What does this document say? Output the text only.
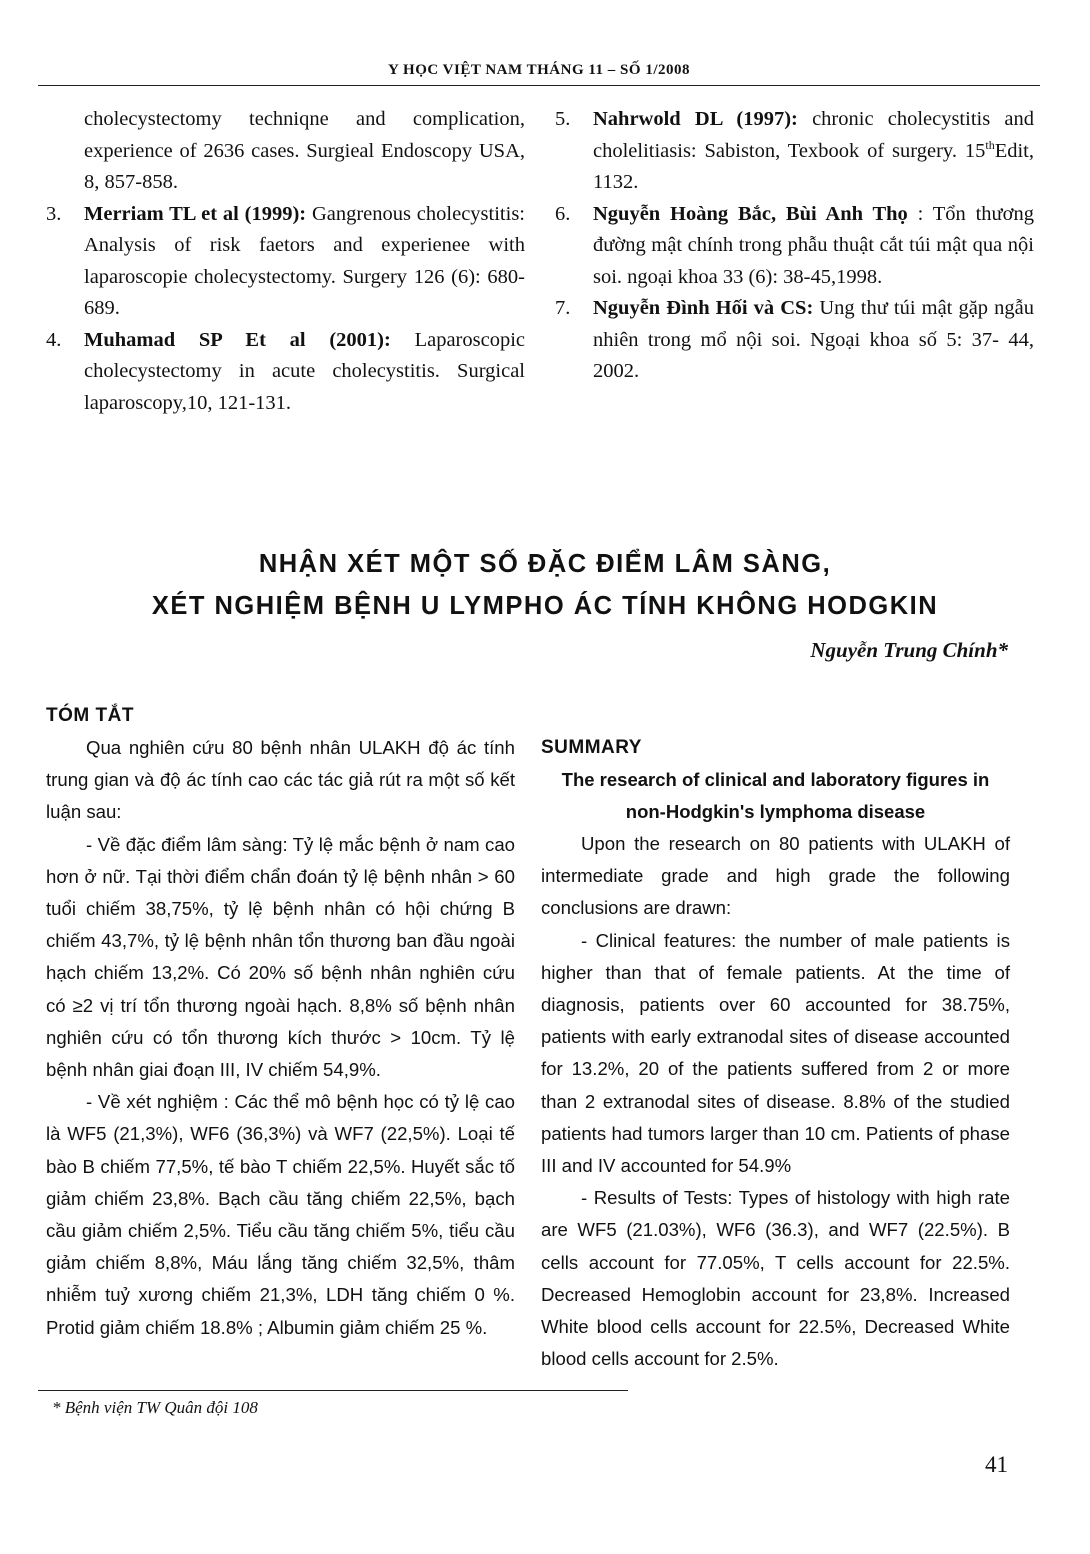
Y HỌC VIỆT NAM THÁNG 11 – SỐ 1/2008
cholecystectomy techniqne and complication, experience of 2636 cases. Surgieal Endoscopy USA, 8, 857-858.
3.	Merriam TL et al (1999): Gangrenous cholecystitis: Analysis of risk faetors and experienee with laparoscopie cholecystectomy. Surgery 126 (6): 680-689.
4.	Muhamad SP Et al (2001): Laparoscopic cholecystectomy in acute cholecystitis. Surgical laparoscopy,10, 121-131.
5.	Nahrwold DL (1997): chronic cholecystitis and cholelitiasis: Sabiston, Texbook of surgery. 15thEdit, 1132.
6.	Nguyễn Hoàng Bắc, Bùi Anh Thọ : Tổn thương đường mật chính trong phẫu thuật cắt túi mật qua nội soi. ngoại khoa 33 (6): 38-45,1998.
7.	Nguyễn Đình Hối và CS: Ung thư túi mật gặp ngẫu nhiên trong mổ nội soi. Ngoại khoa số 5: 37- 44, 2002.
NHẬN XÉT MỘT SỐ ĐẶC ĐIỂM LÂM SÀNG,
XÉT NGHIỆM BỆNH U LYMPHO ÁC TÍNH KHÔNG HODGKIN
Nguyễn Trung Chính*
TÓM TẮT

Qua nghiên cứu 80 bệnh nhân ULAKH độ ác tính trung gian và độ ác tính cao các tác giả rút ra một số kết luận sau:

- Về đặc điểm lâm sàng: Tỷ lệ mắc bệnh ở nam cao hơn ở nữ. Tại thời điểm chẩn đoán tỷ lệ bệnh nhân > 60 tuổi chiếm 38,75%, tỷ lệ bệnh nhân có hội chứng B chiếm 43,7%, tỷ lệ bệnh nhân tổn thương ban đầu ngoài hạch chiếm 13,2%. Có 20% số bệnh nhân nghiên cứu có ≥2 vị trí tổn thương ngoài hạch. 8,8% số bệnh nhân nghiên cứu có tổn thương kích thước > 10cm. Tỷ lệ bệnh nhân giai đoạn III, IV chiếm 54,9%.

- Về xét nghiệm : Các thể mô bệnh học có tỷ lệ cao là WF5 (21,3%), WF6 (36,3%) và WF7 (22,5%). Loại tế bào B chiếm 77,5%, tế bào T chiếm 22,5%. Huyết sắc tố giảm chiếm 23,8%. Bạch cầu tăng chiếm 22,5%, bạch cầu giảm chiếm 2,5%. Tiểu cầu tăng chiếm 5%, tiểu cầu giảm chiếm 8,8%, Máu lắng tăng chiếm 32,5%, thâm nhiễm tuỷ xương chiếm 21,3%, LDH tăng chiếm 0 %. Protid giảm chiếm 18.8% ; Albumin giảm chiếm 25 %.

SUMMARY
The research of clinical and laboratory figures in
non-Hodgkin's lymphoma disease

Upon the research on 80 patients with ULAKH of intermediate grade and high grade the following conclusions are drawn:

- Clinical features: the number of male patients is higher than that of female patients. At the time of diagnosis, patients over 60 accounted for 38.75%, patients with early extranodal sites of disease accounted for 13.2%, 20 of the patients suffered from 2 or more than 2 extranodal sites of disease. 8.8% of the studied patients had tumors larger than 10 cm. Patients of phase III and IV accounted for 54.9%

- Results of Tests: Types of histology with high rate are WF5 (21.03%), WF6 (36.3), and WF7 (22.5%). B cells account for 77.05%, T cells account for 22.5%. Decreased Hemoglobin account for 23,8%. Increased White blood cells account for 22.5%, Decreased White blood cells account for 2.5%.

* Bệnh viện TW Quân đội 108
41
